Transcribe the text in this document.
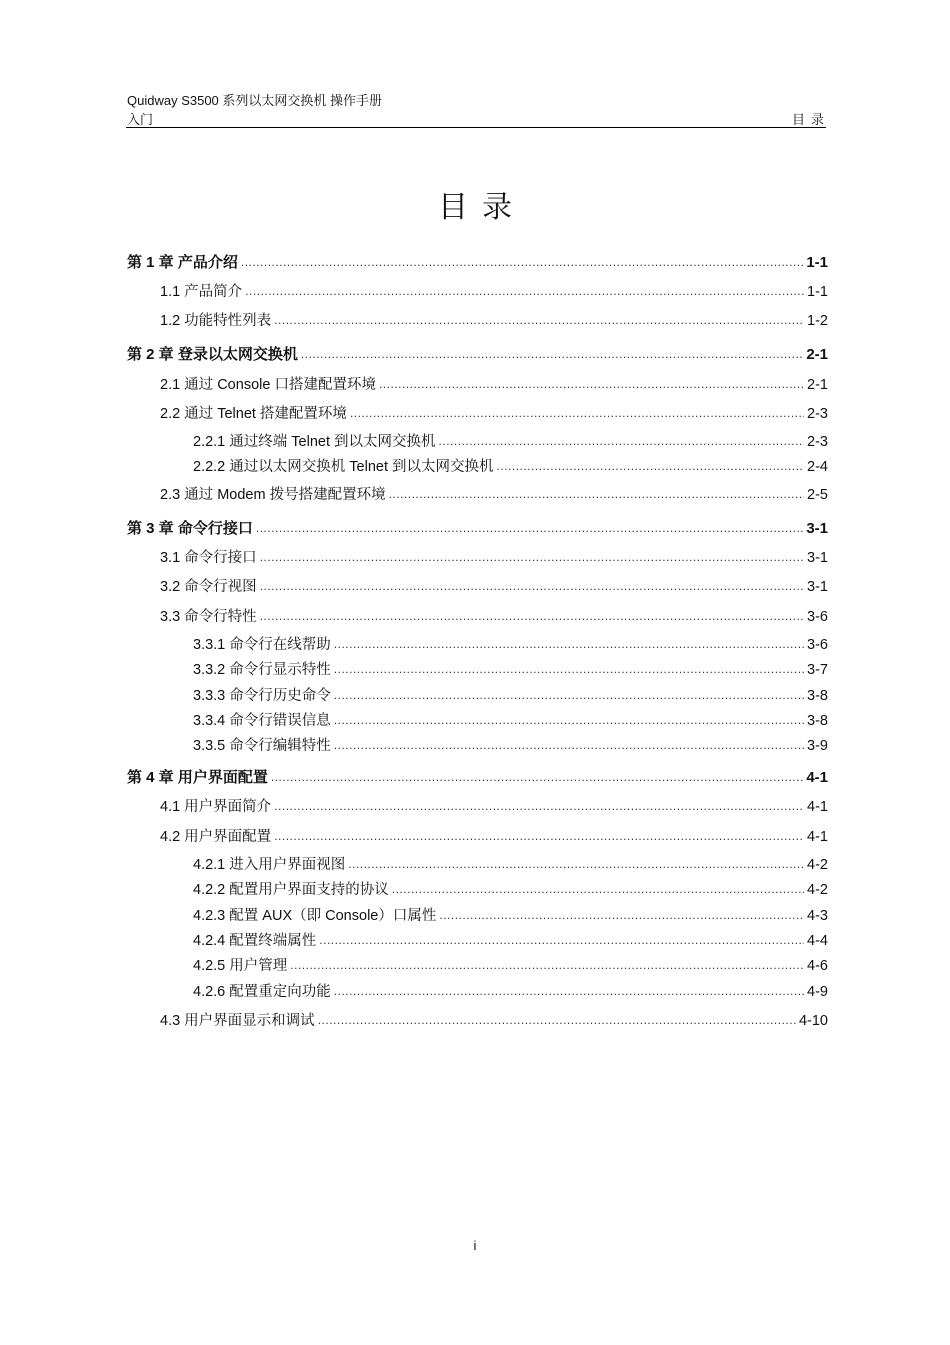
Quidway S3500 系列以太网交换机 操作手册
入门	目录
目录
第 1 章 产品介绍 .....	1-1
1.1 产品简介 .....	1-1
1.2 功能特性列表 .....	1-2
第 2 章 登录以太网交换机 .....	2-1
2.1 通过 Console 口搭建配置环境 .....	2-1
2.2 通过 Telnet 搭建配置环境 .....	2-3
2.2.1 通过终端 Telnet 到以太网交换机 .....	2-3
2.2.2 通过以太网交换机 Telnet 到以太网交换机 .....	2-4
2.3 通过 Modem 拨号搭建配置环境 .....	2-5
第 3 章 命令行接口 .....	3-1
3.1 命令行接口 .....	3-1
3.2 命令行视图 .....	3-1
3.3 命令行特性 .....	3-6
3.3.1 命令行在线帮助 .....	3-6
3.3.2 命令行显示特性 .....	3-7
3.3.3 命令行历史命令 .....	3-8
3.3.4 命令行错误信息 .....	3-8
3.3.5 命令行编辑特性 .....	3-9
第 4 章 用户界面配置 .....	4-1
4.1 用户界面简介 .....	4-1
4.2 用户界面配置 .....	4-1
4.2.1 进入用户界面视图 .....	4-2
4.2.2 配置用户界面支持的协议 .....	4-2
4.2.3 配置 AUX（即 Console）口属性 .....	4-3
4.2.4 配置终端属性 .....	4-4
4.2.5 用户管理 .....	4-6
4.2.6 配置重定向功能 .....	4-9
4.3 用户界面显示和调试 .....	4-10
i
